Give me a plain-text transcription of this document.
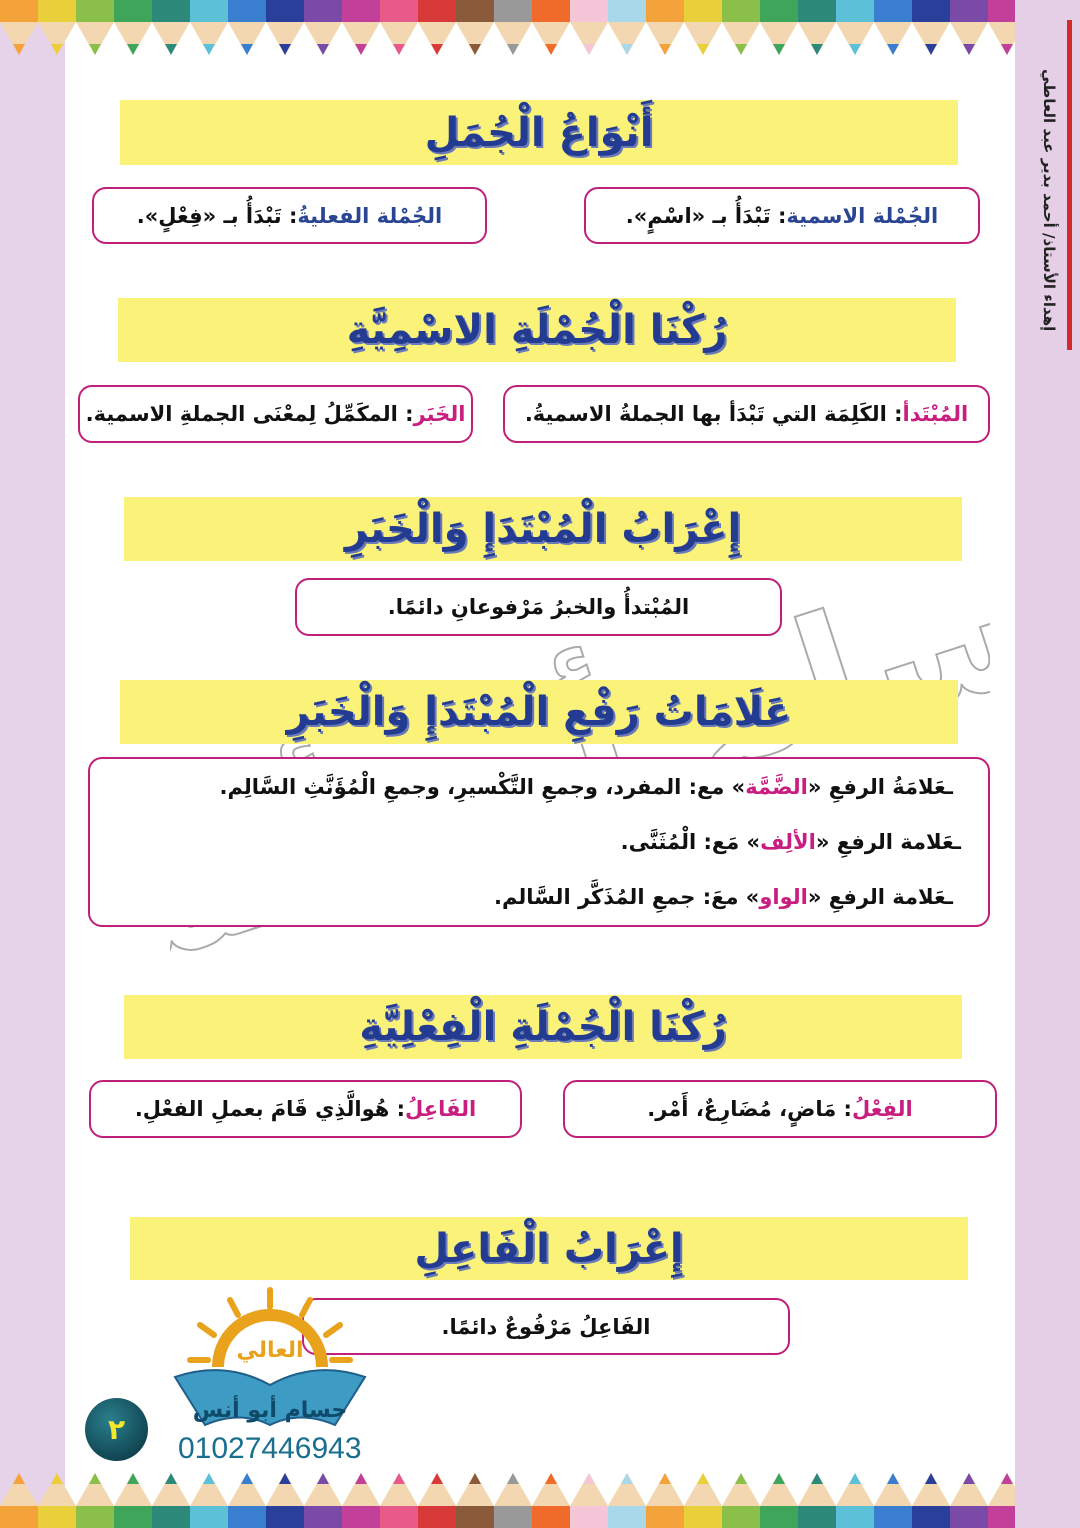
إهداء الأستاذ/ أحمد بدير عبد العاطي
أَنْوَاعُ الْجُمَلِ
الجُمْلة الاسمية
: تَبْدَأُ بـ «اسْمٍ».
الجُمْلة الفعليةُ
: تَبْدَأُ بـ «فِعْلٍ».
رُكْنَا الْجُمْلَةِ الاسْمِيَّةِ
المُبْتَدأ
: الكَلِمَة التي تَبْدَأ بها الجملةُ الاسميةُ.
الخَبَر
: المكَمِّلُ لِمعْنَى الجملةِ الاسمية.
إِعْرَابُ الْمُبْتَدَإِ وَالْخَبَرِ
المُبْتدأُ والخبرُ مَرْفوعانِ دائمًا.
عَلَامَاتُ رَفْعِ الْمُبْتَدَإِ وَالْخَبَرِ
ـعَلامَةُ الرفعِ «الضَّمَّة» مع: المفرد، وجمعِ التَّكْسيرِ، وجمعِ الْمُؤَنَّثِ السَّالِم.
ـعَلامة الرفعِ «الألِف» مَع: الْمُثَنَّى.
ـعَلامة الرفعِ «الواو» معَ: جمعِ المُذَكَّر السَّالم.
رُكْنَا الْجُمْلَةِ الْفِعْلِيَّةِ
الفِعْلُ
: مَاضٍ، مُضَارِعٌ، أَمْر.
الفَاعِلُ
: هُوالَّذِي قَامَ بعملِ الفعْلِ.
إِعْرَابُ الْفَاعِلِ
الفَاعِلُ مَرْفُوعٌ دائمًا.
العالي
حسام أبو أنس
01027446943
٢
